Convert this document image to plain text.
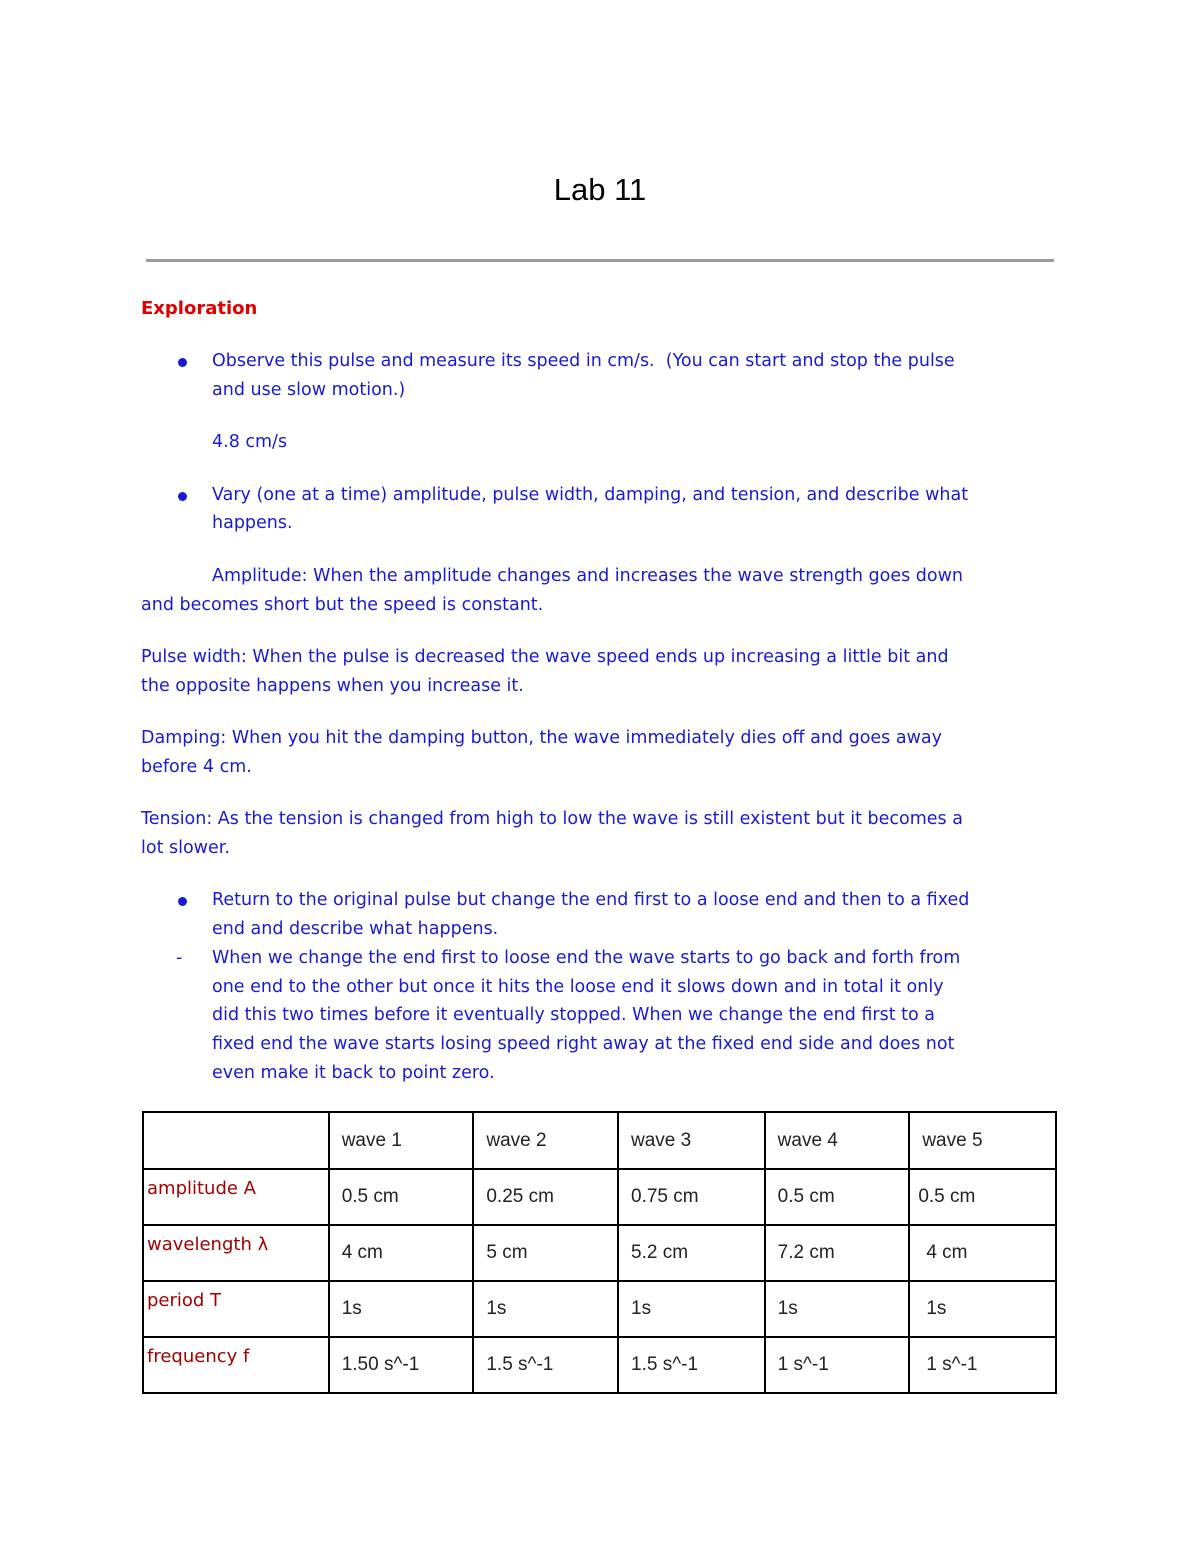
Lab 11
Exploration
Observe this pulse and measure its speed in cm/s.  (You can start and stop the pulse
and use slow motion.)
4.8 cm/s
Vary (one at a time) amplitude, pulse width, damping, and tension, and describe what
happens.
Amplitude: When the amplitude changes and increases the wave strength goes down
and becomes short but the speed is constant.
Pulse width: When the pulse is decreased the wave speed ends up increasing a little bit and
the opposite happens when you increase it.
Damping: When you hit the damping button, the wave immediately dies off and goes away
before 4 cm.
Tension: As the tension is changed from high to low the wave is still existent but it becomes a
lot slower.
Return to the original pulse but change the end first to a loose end and then to a fixed
end and describe what happens.
- When we change the end first to loose end the wave starts to go back and forth from
one end to the other but once it hits the loose end it slows down and in total it only
did this two times before it eventually stopped. When we change the end first to a
fixed end the wave starts losing speed right away at the fixed end side and does not
even make it back to point zero.

	wave 1	wave 2	wave 3	wave 4	wave 5

amplitude A	0.5 cm	0.25 cm	0.75 cm	0.5 cm	0.5 cm

wavelength λ	4 cm	5 cm	5.2 cm	7.2 cm	4 cm

period T	1s	1s	1s	1s	1s

frequency f	1.50 s^-1	1.5 s^-1	1.5 s^-1	1 s^-1	1 s^-1
